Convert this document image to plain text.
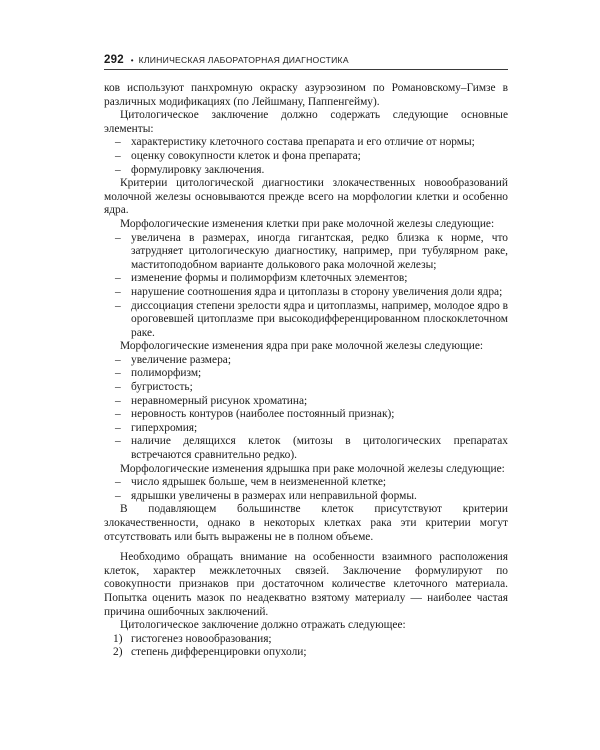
292 • КЛИНИЧЕСКАЯ ЛАБОРАТОРНАЯ ДИАГНОСТИКА

ков используют панхромную окраску азурэозином по Романовскому–Гимзе в различных модификациях (по Лейшману, Паппенгейму).

Цитологическое заключение должно содержать следующие основные элементы:

– характеристику клеточного состава препарата и его отличие от нормы;
– оценку совокупности клеток и фона препарата;
– формулировку заключения.

Критерии цитологической диагностики злокачественных новообразований молочной железы основываются прежде всего на морфологии клетки и особенно ядра.

Морфологические изменения клетки при раке молочной железы следующие:

– увеличена в размерах, иногда гигантская, редко близка к норме, что затрудняет цитологическую диагностику, например, при тубулярном раке, маститоподобном варианте долькового рака молочной железы;
– изменение формы и полиморфизм клеточных элементов;
– нарушение соотношения ядра и цитоплазы в сторону увеличения доли ядра;
– диссоциация степени зрелости ядра и цитоплазмы, например, молодое ядро в ороговевшей цитоплазме при высокодифференцированном плоскоклеточном раке.

Морфологические изменения ядра при раке молочной железы следующие:

– увеличение размера;
– полиморфизм;
– бугристость;
– неравномерный рисунок хроматина;
– неровность контуров (наиболее постоянный признак);
– гиперхромия;
– наличие делящихся клеток (митозы в цитологических препаратах встречаются сравнительно редко).

Морфологические изменения ядрышка при раке молочной железы следующие:

– число ядрышек больше, чем в неизмененной клетке;
– ядрышки увеличены в размерах или неправильной формы.

В подавляющем большинстве клеток присутствуют критерии злокачественности, однако в некоторых клетках рака эти критерии могут отсутствовать или быть выражены не в полном объеме.

Необходимо обращать внимание на особенности взаимного расположения клеток, характер межклеточных связей. Заключение формулируют по совокупности признаков при достаточном количестве клеточного материала. Попытка оценить мазок по неадекватно взятому материалу — наиболее частая причина ошибочных заключений.

Цитологическое заключение должно отражать следующее:

1) гистогенез новообразования;
2) степень дифференцировки опухоли;
